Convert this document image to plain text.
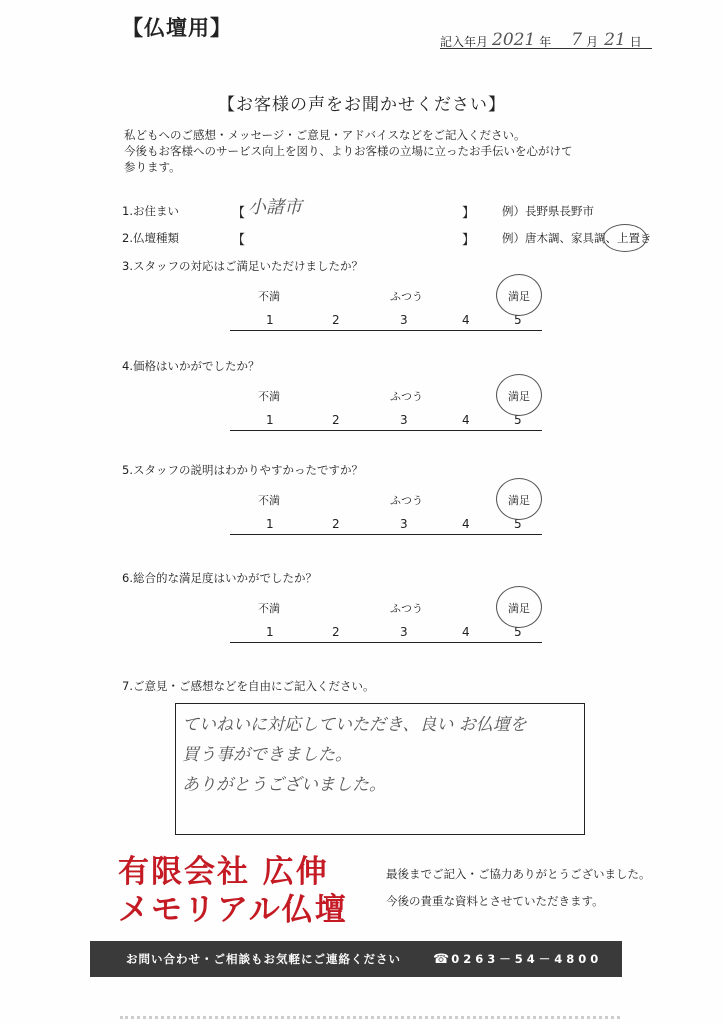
【仏壇用】
記入年月 2021 年 7 月 21 日
【お客様の声をお聞かせください】
私どもへのご感想・メッセージ・ご意見・アドバイスなどをご記入ください。
今後もお客様へのサービス向上を図り、よりお客様の立場に立ったお手伝いを心がけて
参ります。
1.お住まい	【 小諸市	】 例）長野県長野市
2.仏壇種類	【	】 例）唐木調、家具調、上置き
3.スタッフの対応はご満足いただけましたか？
不満	ふつう	満足
1	2	3	4	5
4.価格はいかがでしたか？
不満	ふつう	満足
1	2	3	4	5
5.スタッフの説明はわかりやすかったですか？
不満	ふつう	満足
1	2	3	4	5
6.総合的な満足度はいかがでしたか？
不満	ふつう	満足
1	2	3	4	5
7.ご意見・ご感想などを自由にご記入ください。
ていねいに対応していただき、良い お仏壇を
買う事ができました。
ありがとうございました。
有限会社 広伸
メモリアル仏壇
最後までご記入・ご協力ありがとうございました。
今後の貴重な資料とさせていただきます。
お問い合わせ・ご相談もお気軽にご連絡ください ☎ 0263－54－4800
